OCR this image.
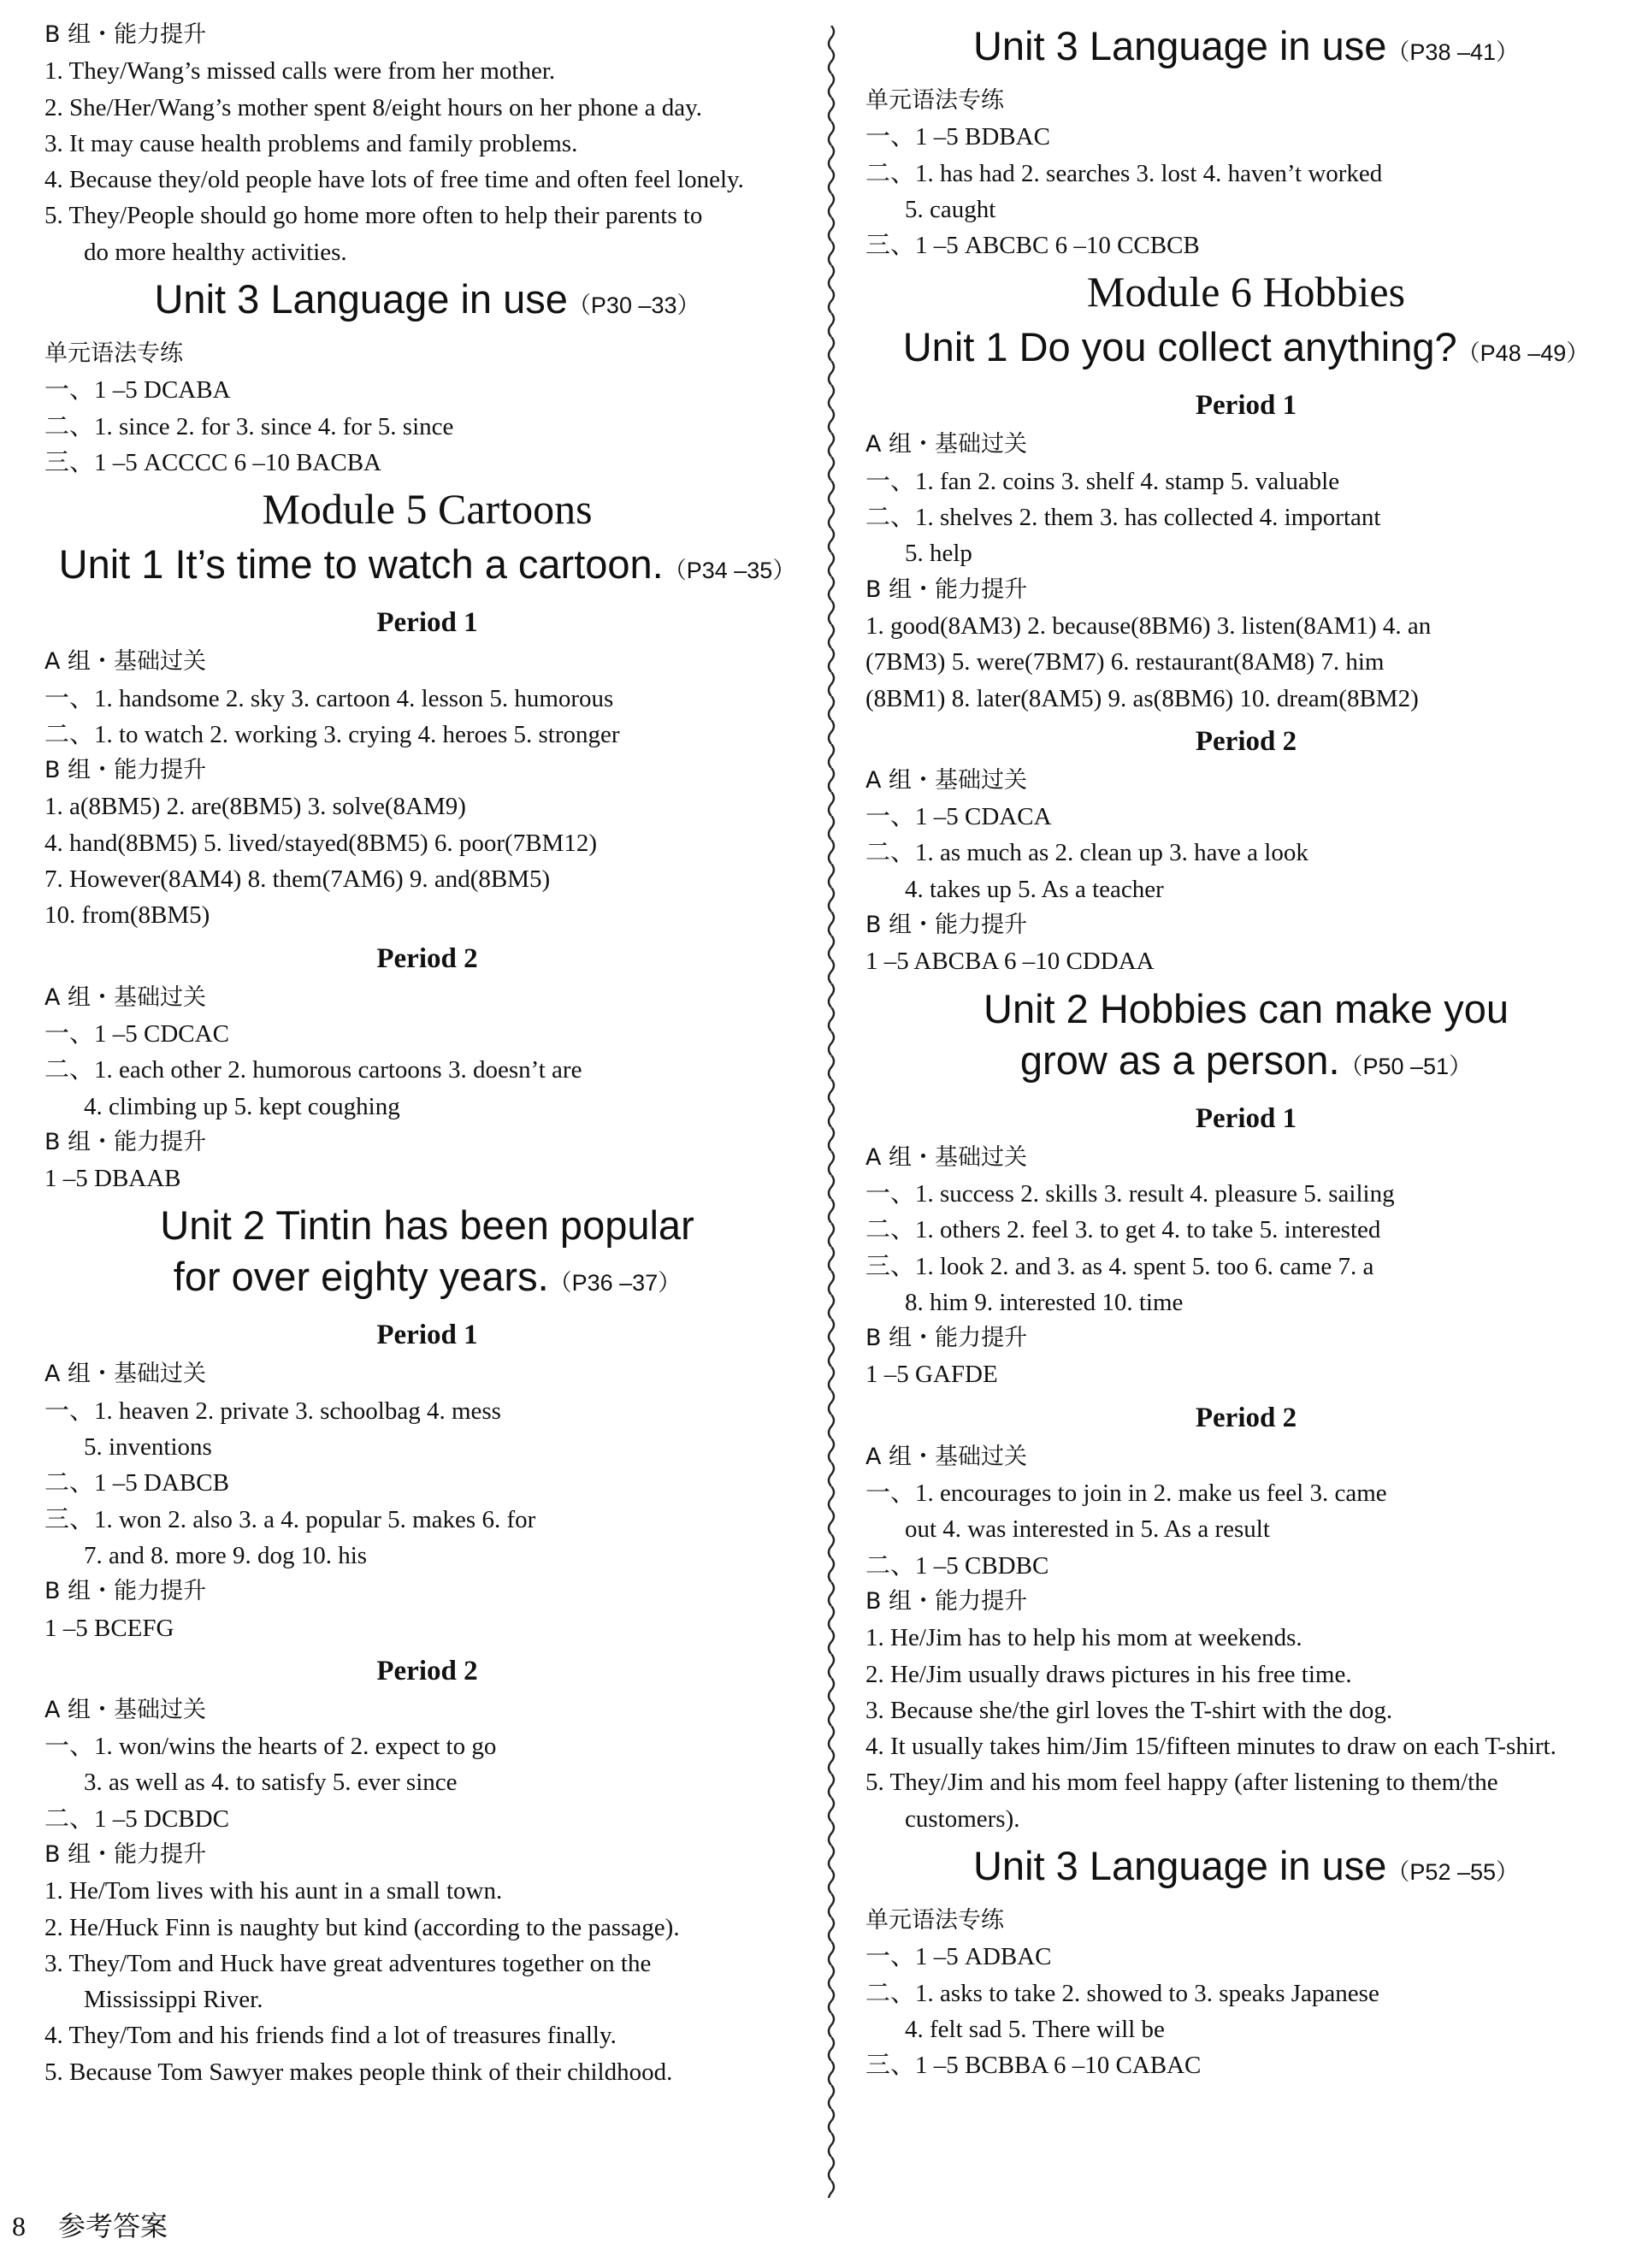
B 组・能力提升
1. They/Wang’s missed calls were from her mother.
2. She/Her/Wang’s mother spent 8/eight hours on her phone a day.
3. It may cause health problems and family problems.
4. Because they/old people have lots of free time and often feel lonely.
5. They/People should go home more often to help their parents to
do more healthy activities.
Unit 3 Language in use（P30 –33）
单元语法专练
一、1 –5 DCABA
二、1. since 2. for 3. since 4. for 5. since
三、1 –5 ACCCC 6 –10 BACBA
Module 5 Cartoons
Unit 1 It’s time to watch a cartoon.（P34 –35）
Period 1
A 组・基础过关
一、1. handsome 2. sky 3. cartoon 4. lesson 5. humorous
二、1. to watch 2. working 3. crying 4. heroes 5. stronger
B 组・能力提升
1. a(8BM5) 2. are(8BM5) 3. solve(8AM9)
4. hand(8BM5) 5. lived/stayed(8BM5) 6. poor(7BM12)
7. However(8AM4) 8. them(7AM6) 9. and(8BM5)
10. from(8BM5)
Period 2
A 组・基础过关
一、1 –5 CDCAC
二、1. each other 2. humorous cartoons 3. doesn’t are
4. climbing up 5. kept coughing
B 组・能力提升
1 –5 DBAAB
Unit 2 Tintin has been popular
for over eighty years.（P36 –37）
Period 1
A 组・基础过关
一、1. heaven 2. private 3. schoolbag 4. mess
5. inventions
二、1 –5 DABCB
三、1. won 2. also 3. a 4. popular 5. makes 6. for
7. and 8. more 9. dog 10. his
B 组・能力提升
1 –5 BCEFG
Period 2
A 组・基础过关
一、1. won/wins the hearts of 2. expect to go
3. as well as 4. to satisfy 5. ever since
二、1 –5 DCBDC
B 组・能力提升
1. He/Tom lives with his aunt in a small town.
2. He/Huck Finn is naughty but kind (according to the passage).
3. They/Tom and Huck have great adventures together on the
Mississippi River.
4. They/Tom and his friends find a lot of treasures finally.
5. Because Tom Sawyer makes people think of their childhood.
Unit 3 Language in use（P38 –41）
单元语法专练
一、1 –5 BDBAC
二、1. has had 2. searches 3. lost 4. haven’t worked
5. caught
三、1 –5 ABCBC 6 –10 CCBCB
Module 6 Hobbies
Unit 1 Do you collect anything?（P48 –49）
Period 1
A 组・基础过关
一、1. fan 2. coins 3. shelf 4. stamp 5. valuable
二、1. shelves 2. them 3. has collected 4. important
5. help
B 组・能力提升
1. good(8AM3) 2. because(8BM6) 3. listen(8AM1) 4. an
(7BM3) 5. were(7BM7) 6. restaurant(8AM8) 7. him
(8BM1) 8. later(8AM5) 9. as(8BM6) 10. dream(8BM2)
Period 2
A 组・基础过关
一、1 –5 CDACA
二、1. as much as 2. clean up 3. have a look
4. takes up 5. As a teacher
B 组・能力提升
1 –5 ABCBA 6 –10 CDDAA
Unit 2 Hobbies can make you
grow as a person.（P50 –51）
Period 1
A 组・基础过关
一、1. success 2. skills 3. result 4. pleasure 5. sailing
二、1. others 2. feel 3. to get 4. to take 5. interested
三、1. look 2. and 3. as 4. spent 5. too 6. came 7. a
8. him 9. interested 10. time
B 组・能力提升
1 –5 GAFDE
Period 2
A 组・基础过关
一、1. encourages to join in 2. make us feel 3. came
out 4. was interested in 5. As a result
二、1 –5 CBDBC
B 组・能力提升
1. He/Jim has to help his mom at weekends.
2. He/Jim usually draws pictures in his free time.
3. Because she/the girl loves the T-shirt with the dog.
4. It usually takes him/Jim 15/fifteen minutes to draw on each T-shirt.
5. They/Jim and his mom feel happy (after listening to them/the
customers).
Unit 3 Language in use（P52 –55）
单元语法专练
一、1 –5 ADBAC
二、1. asks to take 2. showed to 3. speaks Japanese
4. felt sad 5. There will be
三、1 –5 BCBBA 6 –10 CABAC
8 参考答案
